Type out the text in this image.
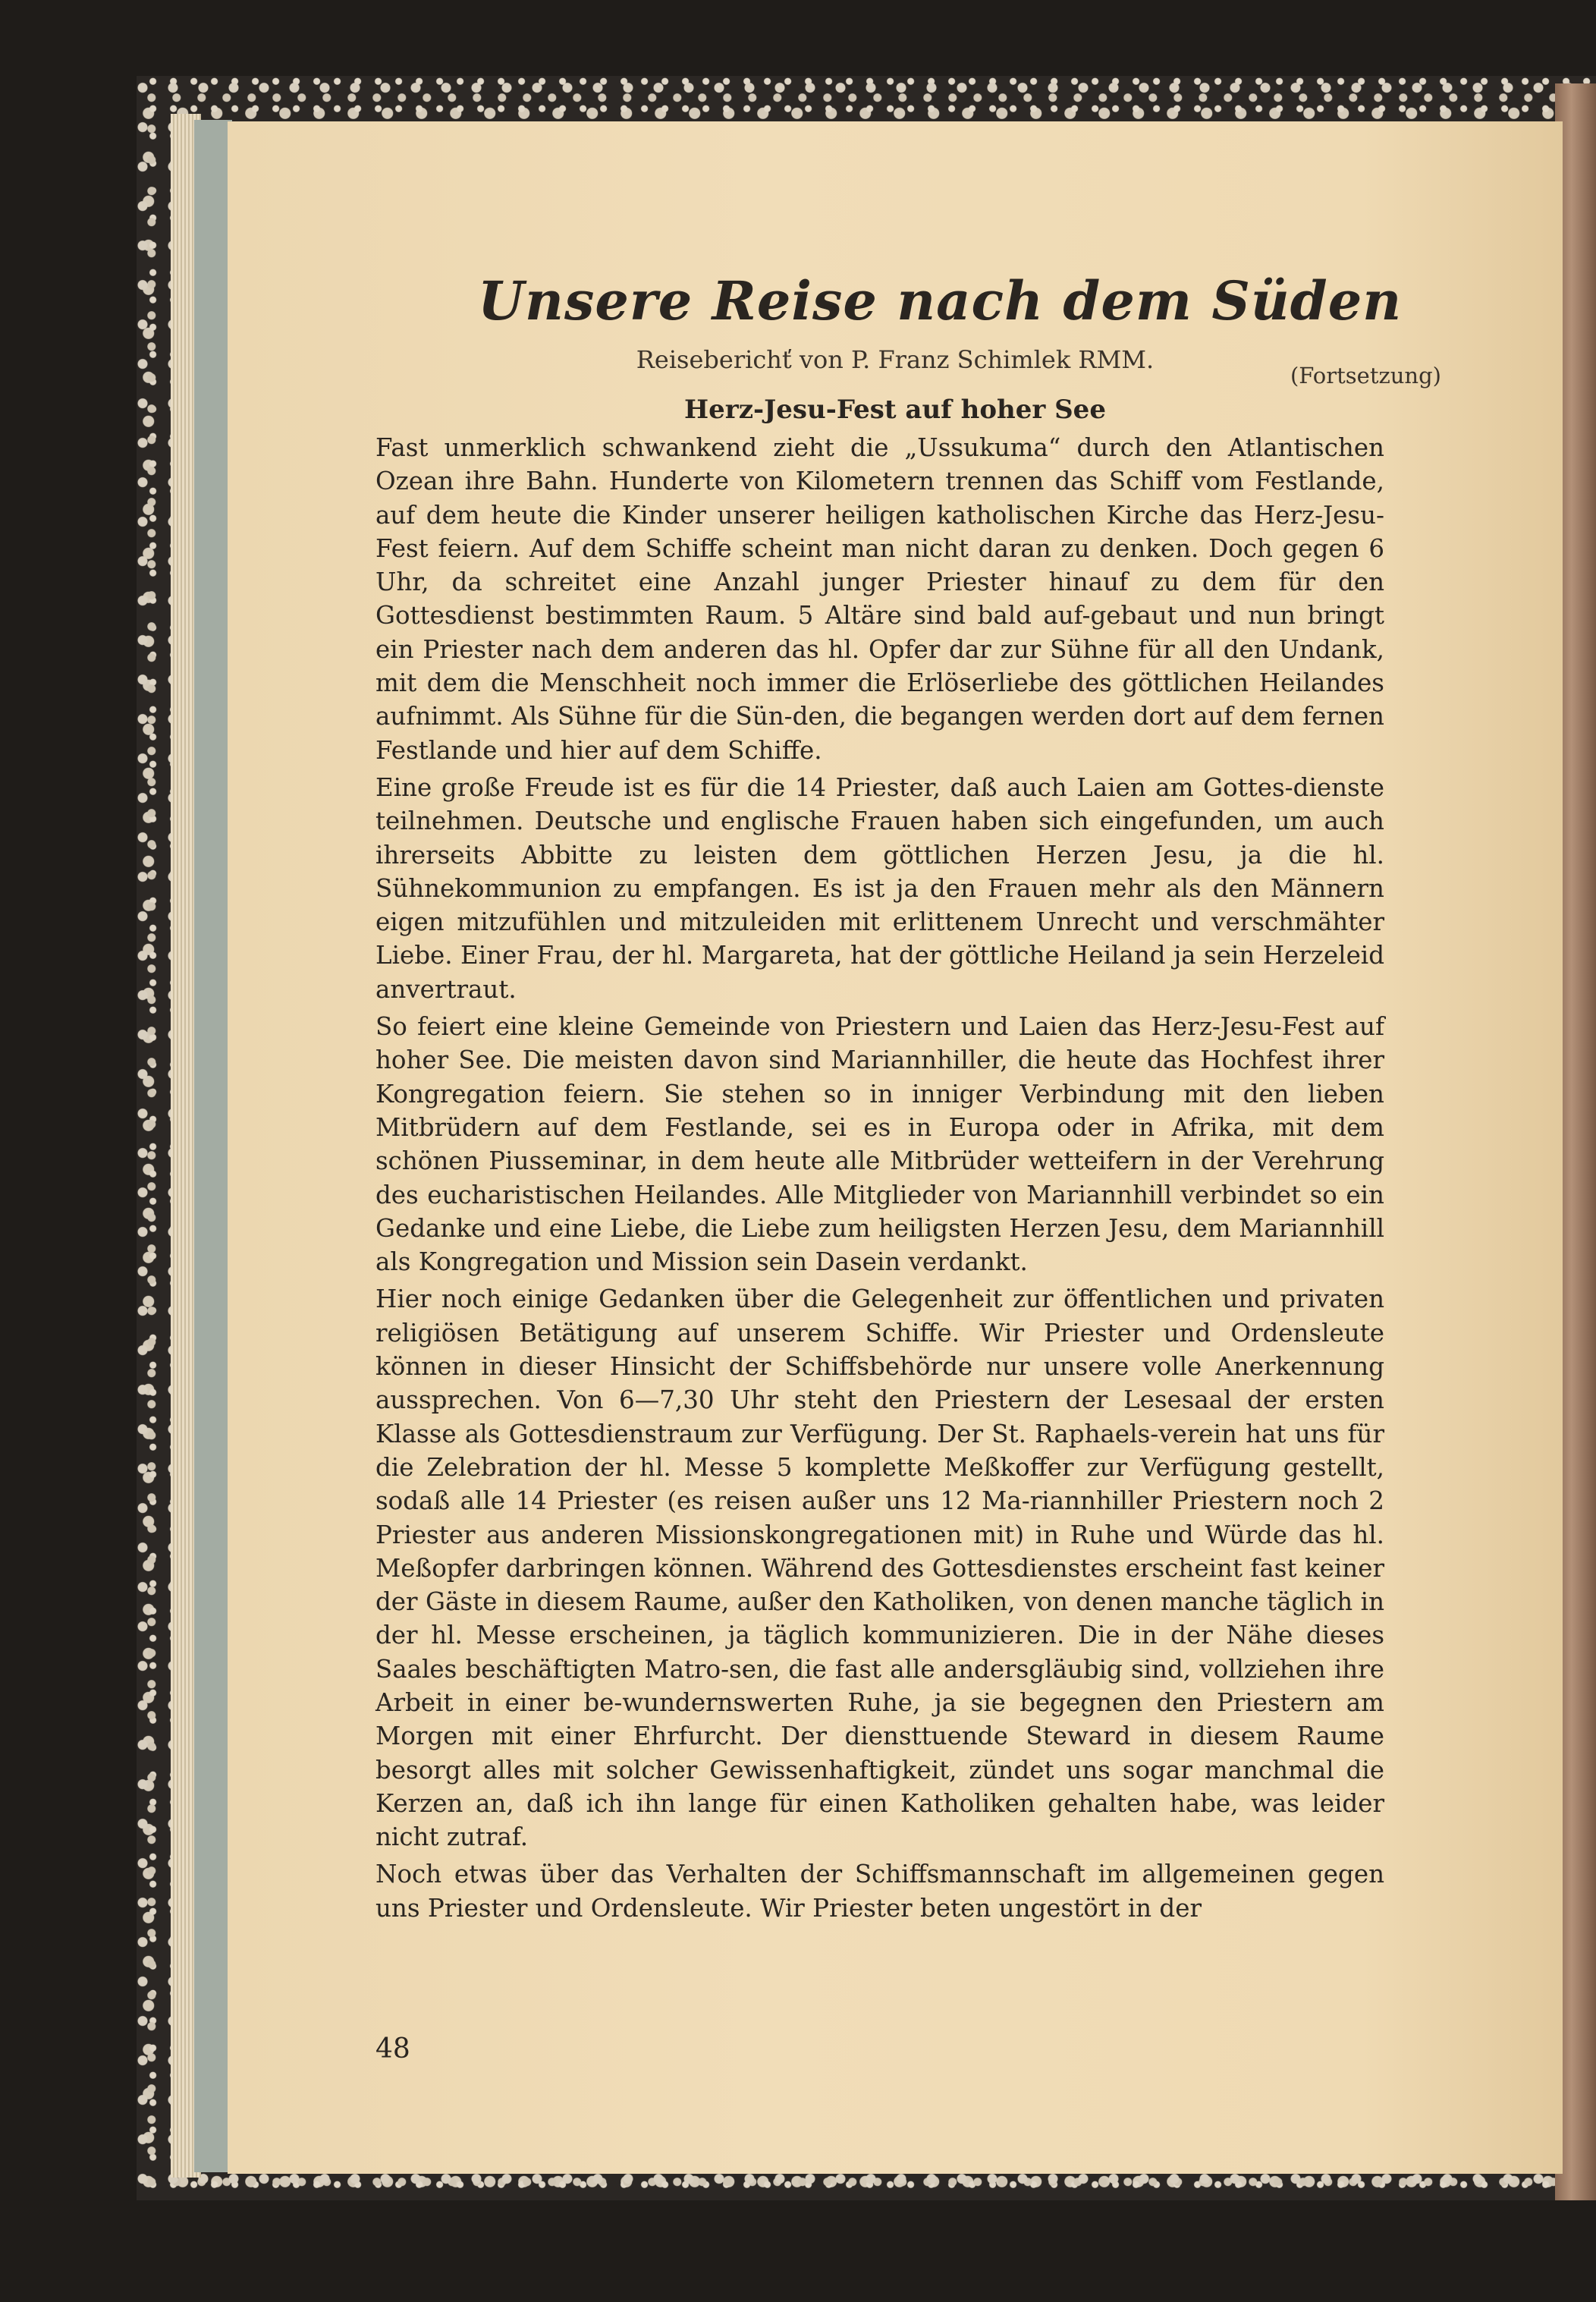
Unsere Reise nach dem Süden
Reiseberichť von P. Franz Schimlek RMM.
(Fortsetzung)
Herz-Jesu-Fest auf hoher See

Fast unmerklich schwankend zieht die „Ussukuma“ durch den Atlantischen Ozean ihre Bahn. Hunderte von Kilometern trennen das Schiff vom Festlande, auf dem heute die Kinder unserer heiligen katholischen Kirche das Herz-Jesu-Fest feiern. Auf dem Schiffe scheint man nicht daran zu denken. Doch gegen 6 Uhr, da schreitet eine Anzahl junger Priester hinauf zu dem für den Gottesdienst bestimmten Raum. 5 Altäre sind bald auf-gebaut und nun bringt ein Priester nach dem anderen das hl. Opfer dar zur Sühne für all den Undank, mit dem die Menschheit noch immer die Erlöserliebe des göttlichen Heilandes aufnimmt. Als Sühne für die Sün-den, die begangen werden dort auf dem fernen Festlande und hier auf dem Schiffe.

Eine große Freude ist es für die 14 Priester, daß auch Laien am Gottes-dienste teilnehmen. Deutsche und englische Frauen haben sich eingefunden, um auch ihrerseits Abbitte zu leisten dem göttlichen Herzen Jesu, ja die hl. Sühnekommunion zu empfangen. Es ist ja den Frauen mehr als den Männern eigen mitzufühlen und mitzuleiden mit erlittenem Unrecht und verschmähter Liebe. Einer Frau, der hl. Margareta, hat der göttliche Heiland ja sein Herzeleid anvertraut.

So feiert eine kleine Gemeinde von Priestern und Laien das Herz-Jesu-Fest auf hoher See. Die meisten davon sind Mariannhiller, die heute das Hochfest ihrer Kongregation feiern. Sie stehen so in inniger Verbindung mit den lieben Mitbrüdern auf dem Festlande, sei es in Europa oder in Afrika, mit dem schönen Piusseminar, in dem heute alle Mitbrüder wetteifern in der Verehrung des eucharistischen Heilandes. Alle Mitglieder von Mariannhill verbindet so ein Gedanke und eine Liebe, die Liebe zum heiligsten Herzen Jesu, dem Mariannhill als Kongregation und Mission sein Dasein verdankt.

Hier noch einige Gedanken über die Gelegenheit zur öffentlichen und privaten religiösen Betätigung auf unserem Schiffe. Wir Priester und Ordensleute können in dieser Hinsicht der Schiffsbehörde nur unsere volle Anerkennung aussprechen. Von 6—7,30 Uhr steht den Priestern der Lesesaal der ersten Klasse als Gottesdienstraum zur Verfügung. Der St. Raphaels-verein hat uns für die Zelebration der hl. Messe 5 komplette Meßkoffer zur Verfügung gestellt, sodaß alle 14 Priester (es reisen außer uns 12 Ma-riannhiller Priestern noch 2 Priester aus anderen Missionskongregationen mit) in Ruhe und Würde das hl. Meßopfer darbringen können. Während des Gottesdienstes erscheint fast keiner der Gäste in diesem Raume, außer den Katholiken, von denen manche täglich in der hl. Messe erscheinen, ja täglich kommunizieren. Die in der Nähe dieses Saales beschäftigten Matro-sen, die fast alle andersgläubig sind, vollziehen ihre Arbeit in einer be-wundernswerten Ruhe, ja sie begegnen den Priestern am Morgen mit einer Ehrfurcht. Der diensttuende Steward in diesem Raume besorgt alles mit solcher Gewissenhaftigkeit, zündet uns sogar manchmal die Kerzen an, daß ich ihn lange für einen Katholiken gehalten habe, was leider nicht zutraf.

Noch etwas über das Verhalten der Schiffsmannschaft im allgemeinen gegen uns Priester und Ordensleute. Wir Priester beten ungestört in der

48
